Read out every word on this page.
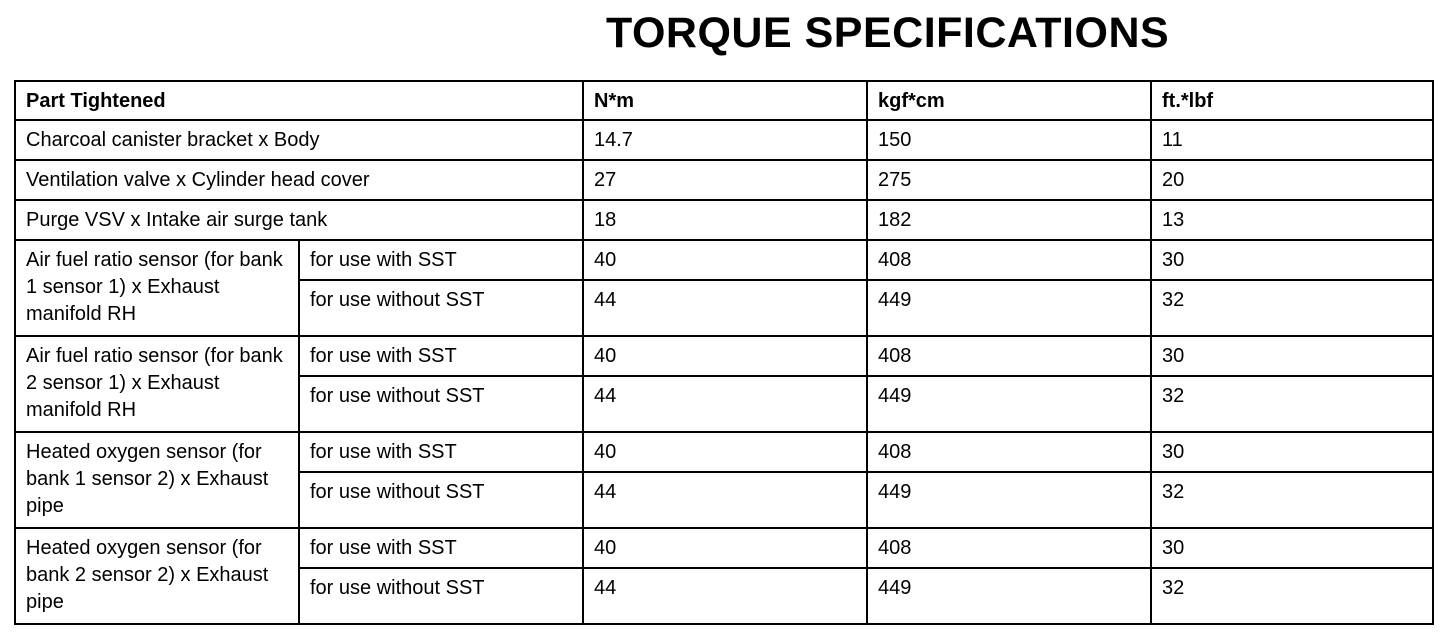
TORQUE SPECIFICATIONS
Part Tightened		N*m	kgf*cm	ft.*lbf
Charcoal canister bracket x Body		14.7	150	11
Ventilation valve x Cylinder head cover		27	275	20
Purge VSV x Intake air surge tank		18	182	13
Air fuel ratio sensor (for bank 1 sensor 1) x Exhaust manifold RH	for use with SST	40	408	30
	for use without SST	44	449	32
Air fuel ratio sensor (for bank 2 sensor 1) x Exhaust manifold RH	for use with SST	40	408	30
	for use without SST	44	449	32
Heated oxygen sensor (for bank 1 sensor 2) x Exhaust pipe	for use with SST	40	408	30
	for use without SST	44	449	32
Heated oxygen sensor (for bank 2 sensor 2) x Exhaust pipe	for use with SST	40	408	30
	for use without SST	44	449	32
